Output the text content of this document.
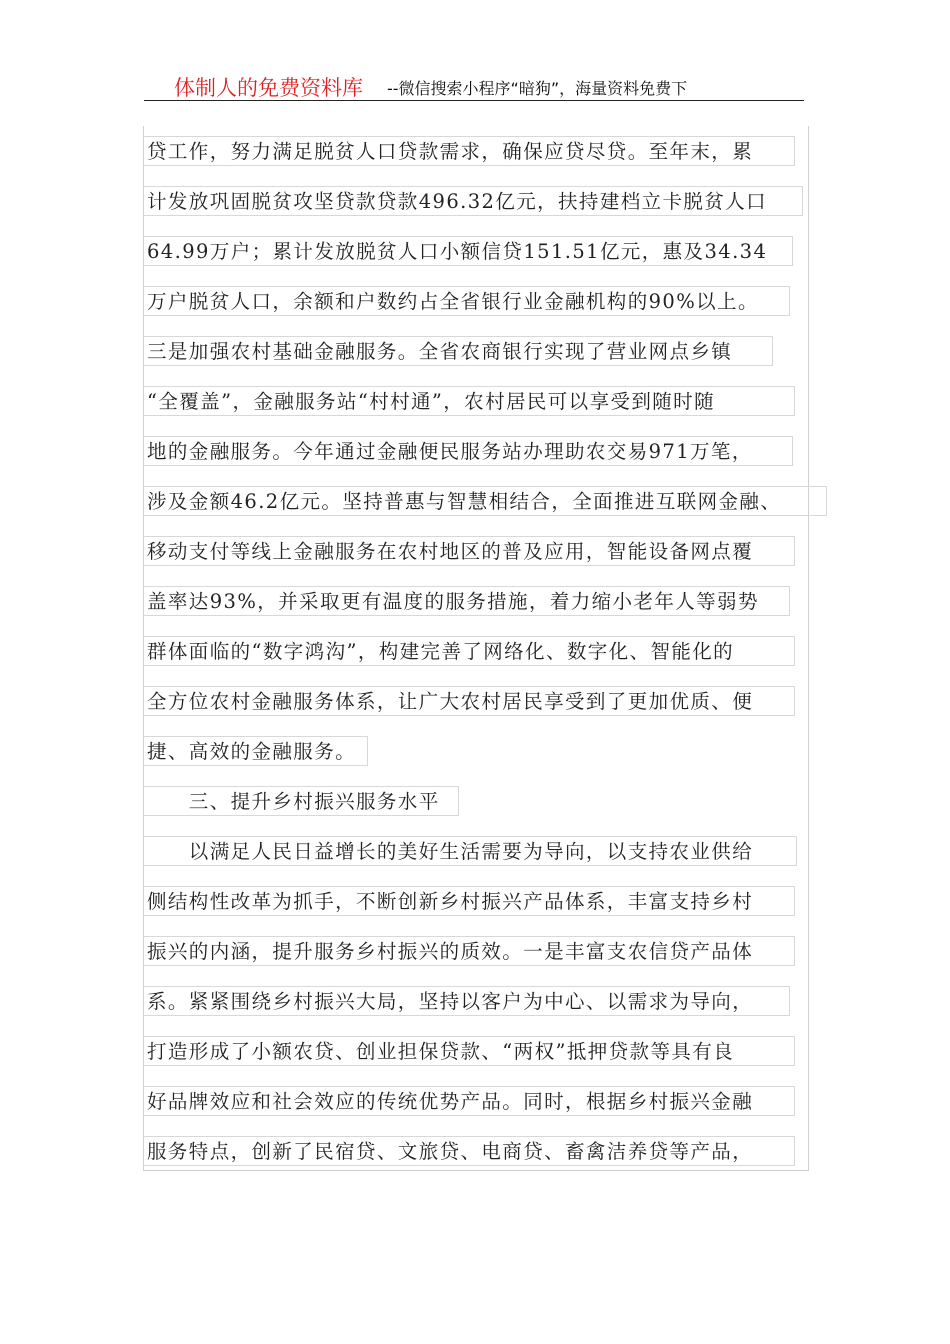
体制人的免费资料库 --微信搜索小程序“暗狗”，海量资料免费下
贷工作，努力满足脱贫人口贷款需求，确保应贷尽贷。至年末，累
计发放巩固脱贫攻坚贷款贷款496.32亿元，扶持建档立卡脱贫人口
64.99万户；累计发放脱贫人口小额信贷151.51亿元，惠及34.34
万户脱贫人口，余额和户数约占全省银行业金融机构的90%以上。
三是加强农村基础金融服务。全省农商银行实现了营业网点乡镇
“全覆盖”，金融服务站“村村通”，农村居民可以享受到随时随
地的金融服务。今年通过金融便民服务站办理助农交易971万笔，
涉及金额46.2亿元。坚持普惠与智慧相结合，全面推进互联网金融、
移动支付等线上金融服务在农村地区的普及应用，智能设备网点覆
盖率达93%，并采取更有温度的服务措施，着力缩小老年人等弱势
群体面临的“数字鸿沟”，构建完善了网络化、数字化、智能化的
全方位农村金融服务体系，让广大农村居民享受到了更加优质、便
捷、高效的金融服务。
　　三、提升乡村振兴服务水平
　　以满足人民日益增长的美好生活需要为导向，以支持农业供给
侧结构性改革为抓手，不断创新乡村振兴产品体系，丰富支持乡村
振兴的内涵，提升服务乡村振兴的质效。一是丰富支农信贷产品体
系。紧紧围绕乡村振兴大局，坚持以客户为中心、以需求为导向，
打造形成了小额农贷、创业担保贷款、“两权”抵押贷款等具有良
好品牌效应和社会效应的传统优势产品。同时，根据乡村振兴金融
服务特点，创新了民宿贷、文旅贷、电商贷、畜禽洁养贷等产品，
